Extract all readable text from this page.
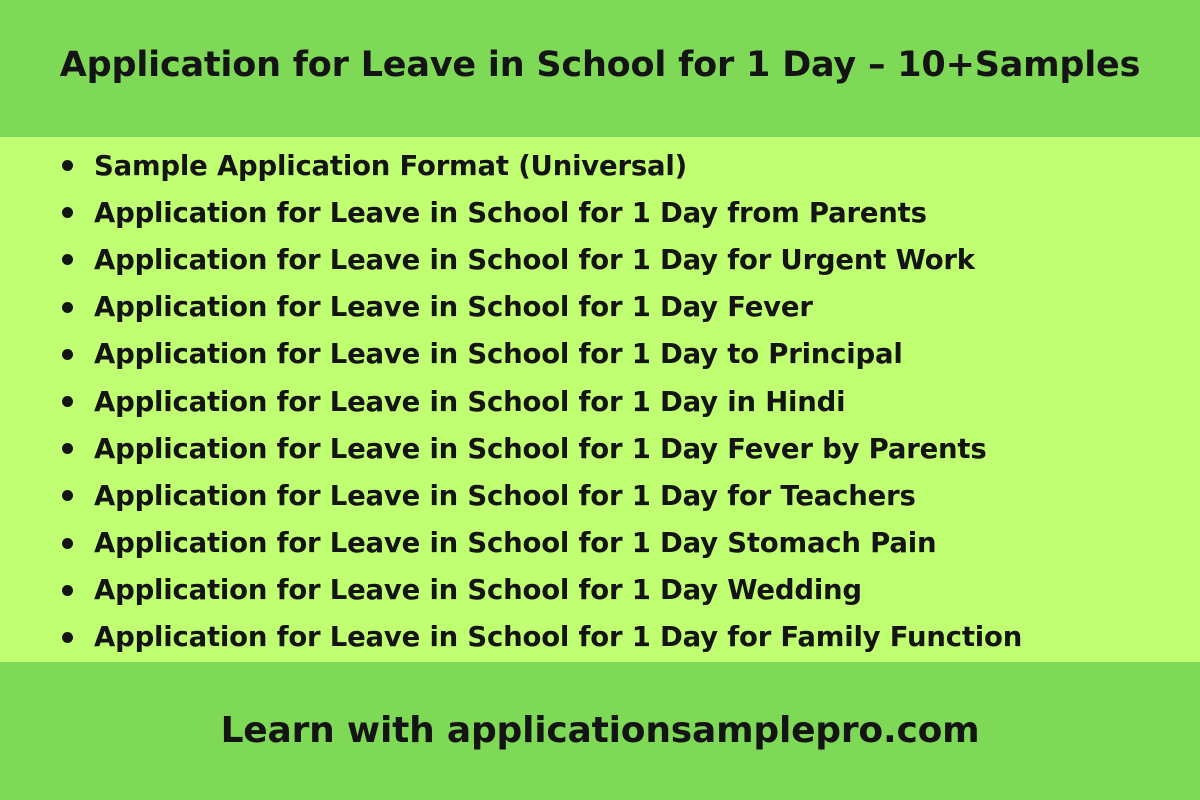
Application for Leave in School for 1 Day – 10+Samples
Sample Application Format (Universal)
Application for Leave in School for 1 Day from Parents
Application for Leave in School for 1 Day for Urgent Work
Application for Leave in School for 1 Day Fever
Application for Leave in School for 1 Day to Principal
Application for Leave in School for 1 Day in Hindi
Application for Leave in School for 1 Day Fever by Parents
Application for Leave in School for 1 Day for Teachers
Application for Leave in School for 1 Day Stomach Pain
Application for Leave in School for 1 Day Wedding
Application for Leave in School for 1 Day for Family Function

Learn with applicationsamplepro.com
